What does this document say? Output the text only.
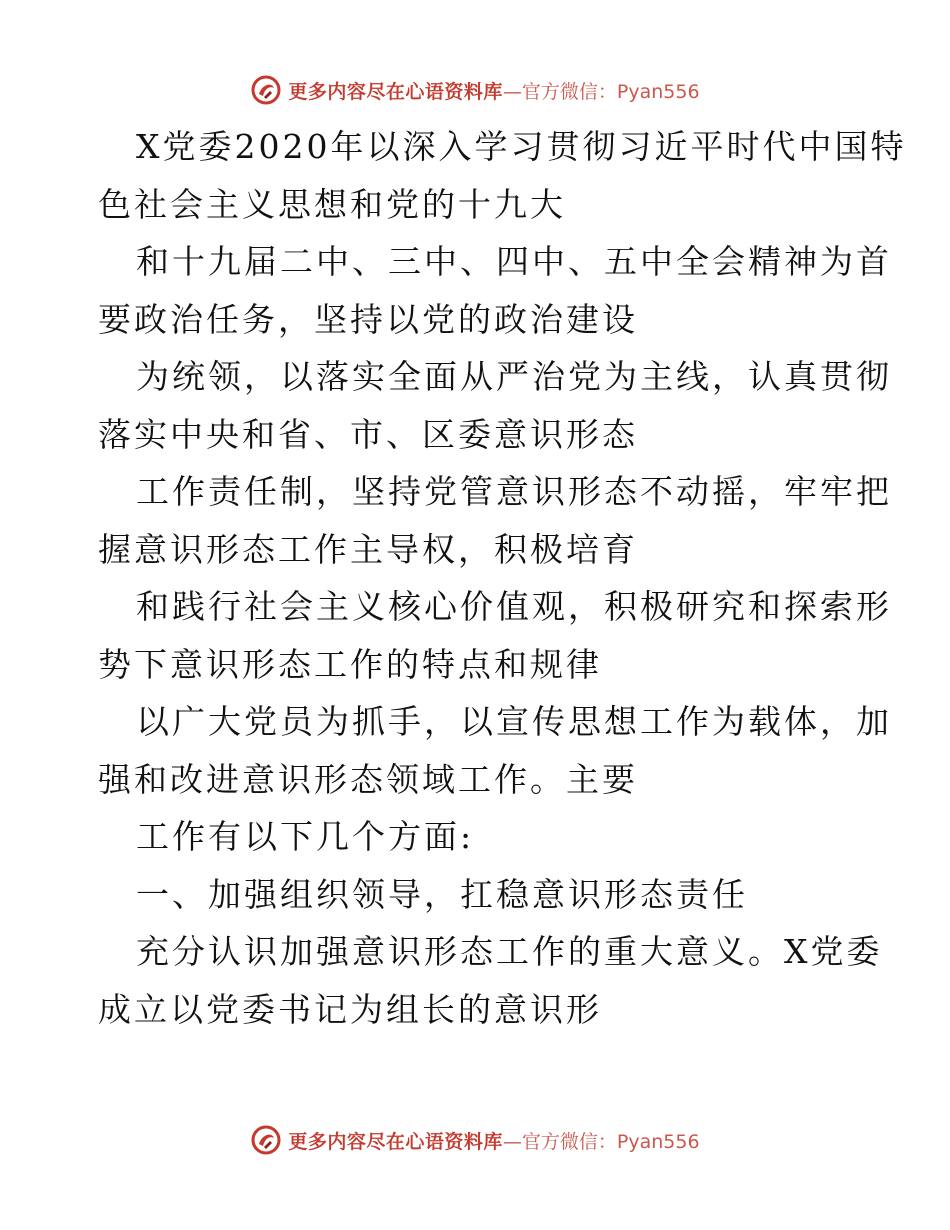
更多内容尽在心语资料库 —官方微信：Pyan556
X党委2020年以深入学习贯彻习近平时代中国特
色社会主义思想和党的十九大
和十九届二中、三中、四中、五中全会精神为首
要政治任务，坚持以党的政治建设
为统领，以落实全面从严治党为主线，认真贯彻
落实中央和省、市、区委意识形态
工作责任制，坚持党管意识形态不动摇，牢牢把
握意识形态工作主导权，积极培育
和践行社会主义核心价值观，积极研究和探索形
势下意识形态工作的特点和规律
以广大党员为抓手，以宣传思想工作为载体，加
强和改进意识形态领域工作。主要
工作有以下几个方面:
一、加强组织领导，扛稳意识形态责任
充分认识加强意识形态工作的重大意义。X党委
成立以党委书记为组长的意识形
更多内容尽在心语资料库 —官方微信：Pyan556
